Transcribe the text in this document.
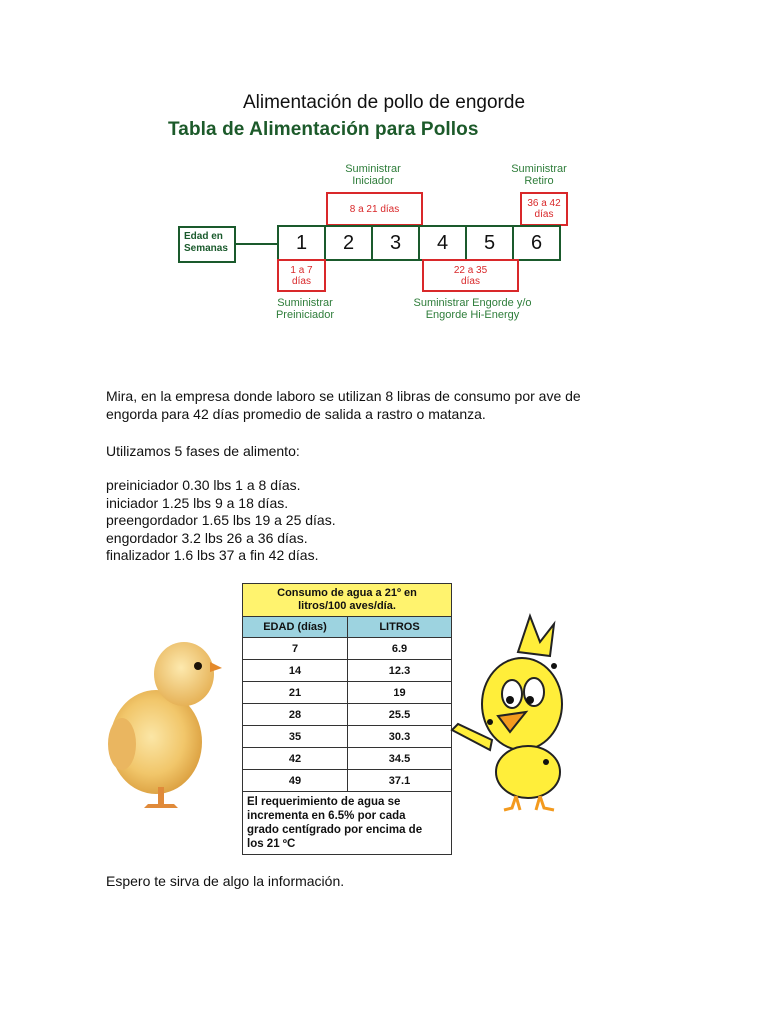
Alimentación de pollo de engorde
Tabla de Alimentación para Pollos
Suministrar Iniciador
Suministrar Retiro
8 a 21 días	36 a 42 días
Edad en Semanas	1	2	3	4	5	6
1 a 7 días
22 a 35 días
Suministrar Preiniciador
Suministrar Engorde y/o Engorde Hi-Energy
Mira, en la empresa donde laboro se utilizan 8 libras de consumo por ave de
engorda para 42 días promedio de salida a rastro o matanza.
Utilizamos 5 fases de alimento:
preiniciador 0.30 lbs 1 a 8 días.
iniciador 1.25 lbs 9 a 18 días.
preengordador 1.65 lbs 19 a 25 días.
engordador 3.2 lbs 26 a 36 días.
finalizador 1.6 lbs 37 a fin 42 días.
Consumo de agua a 21º en
litros/100 aves/día.	

EDAD (días)	LITROS
7	6.9
14	12.3
21	19
28	25.5
35	30.3
42	34.5
49	37.1

El requerimiento de agua se
incrementa en 6.5% por cada
grado centígrado por encima de
los 21 ºC	
Espero te sirva de algo la información.
